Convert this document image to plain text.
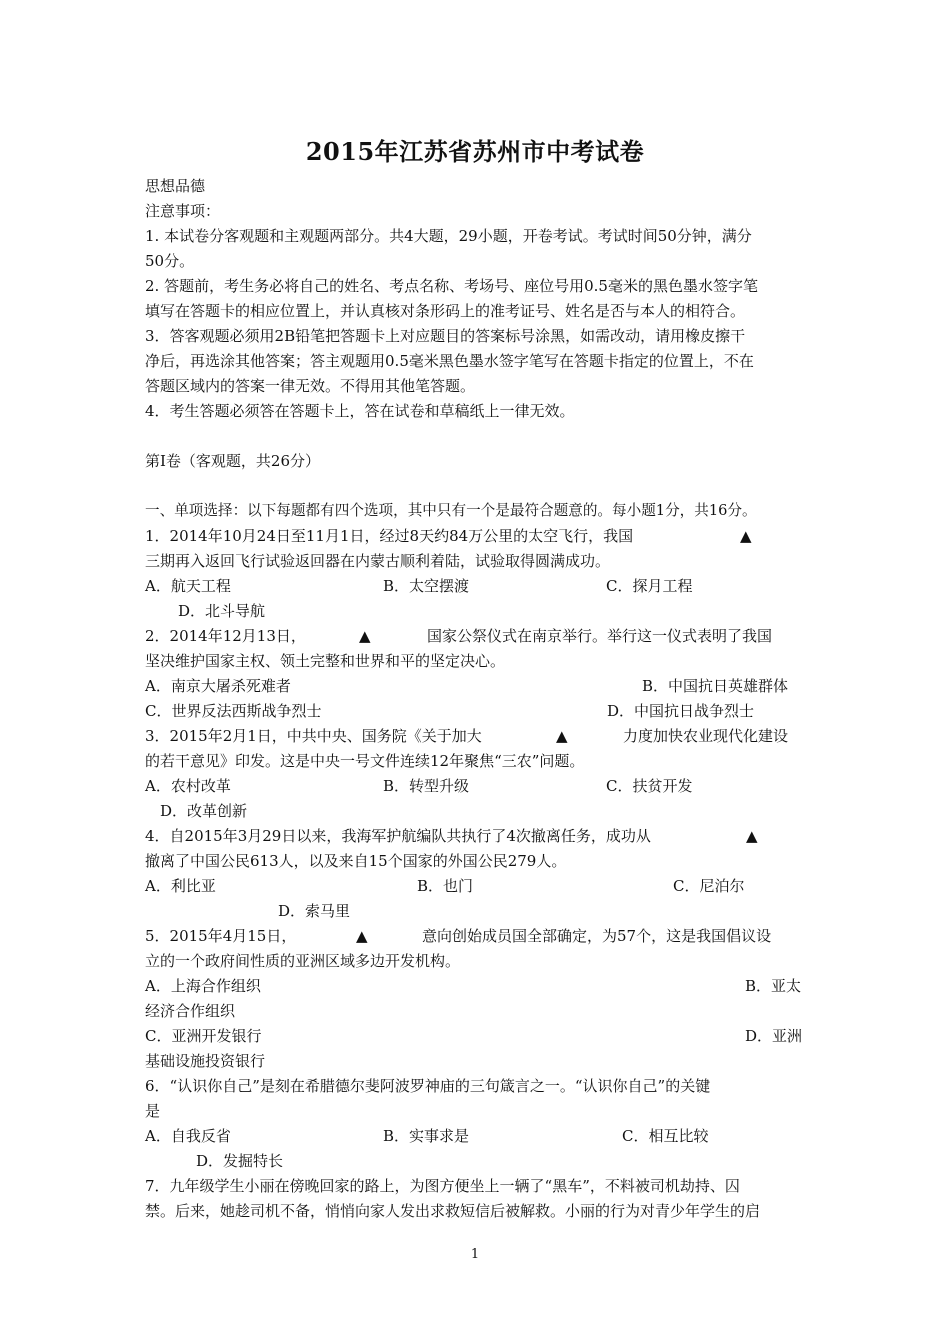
2015年江苏省苏州市中考试卷
思想品德
注意事项：
1. 本试卷分客观题和主观题两部分。共4大题，29小题，开卷考试。考试时间50分钟，满分
50分。
2. 答题前，考生务必将自己的姓名、考点名称、考场号、座位号用0.5毫米的黑色墨水签字笔
填写在答题卡的相应位置上，并认真核对条形码上的准考证号、姓名是否与本人的相符合。
3．答客观题必须用2B铅笔把答题卡上对应题目的答案标号涂黑，如需改动，请用橡皮擦干
净后，再选涂其他答案；答主观题用0.5毫米黑色墨水签字笔写在答题卡指定的位置上，不在
答题区域内的答案一律无效。不得用其他笔答题。
4．考生答题必须答在答题卡上，答在试卷和草稿纸上一律无效。
第Ⅰ卷（客观题，共26分）
一、单项选择：以下每题都有四个选项，其中只有一个是最符合题意的。每小题1分，共16分。
1．2014年10月24日至11月1日，经过8天约84万公里的太空飞行，我国	▲
三期再入返回飞行试验返回器在内蒙古顺利着陆，试验取得圆满成功。
A．航天工程	B．太空摆渡	C．探月工程
D．北斗导航
2．2014年12月13日，	▲	国家公祭仪式在南京举行。举行这一仪式表明了我国
坚决维护国家主权、领土完整和世界和平的坚定决心。
A．南京大屠杀死难者	B．中国抗日英雄群体
C．世界反法西斯战争烈士	D．中国抗日战争烈士
3．2015年2月1日，中共中央、国务院《关于加大	▲	力度加快农业现代化建设
的若干意见》印发。这是中央一号文件连续12年聚焦“三农”问题。
A．农村改革	B．转型升级	C．扶贫开发
D．改革创新
4．自2015年3月29日以来，我海军护航编队共执行了4次撤离任务，成功从	▲
撤离了中国公民613人，以及来自15个国家的外国公民279人。
A．利比亚	B．也门	C．尼泊尔
D．索马里
5．2015年4月15日，	▲	意向创始成员国全部确定，为57个，这是我国倡议设
立的一个政府间性质的亚洲区域多边开发机构。
A．上海合作组织	B．亚太
经济合作组织
C．亚洲开发银行	D．亚洲
基础设施投资银行
6．“认识你自己”是刻在希腊德尔斐阿波罗神庙的三句箴言之一。“认识你自己”的关键
是
A．自我反省	B．实事求是	C．相互比较
D．发掘特长
7．九年级学生小丽在傍晚回家的路上，为图方便坐上一辆了“黑车”，不料被司机劫持、囚
禁。后来，她趁司机不备，悄悄向家人发出求救短信后被解救。小丽的行为对青少年学生的启
1
